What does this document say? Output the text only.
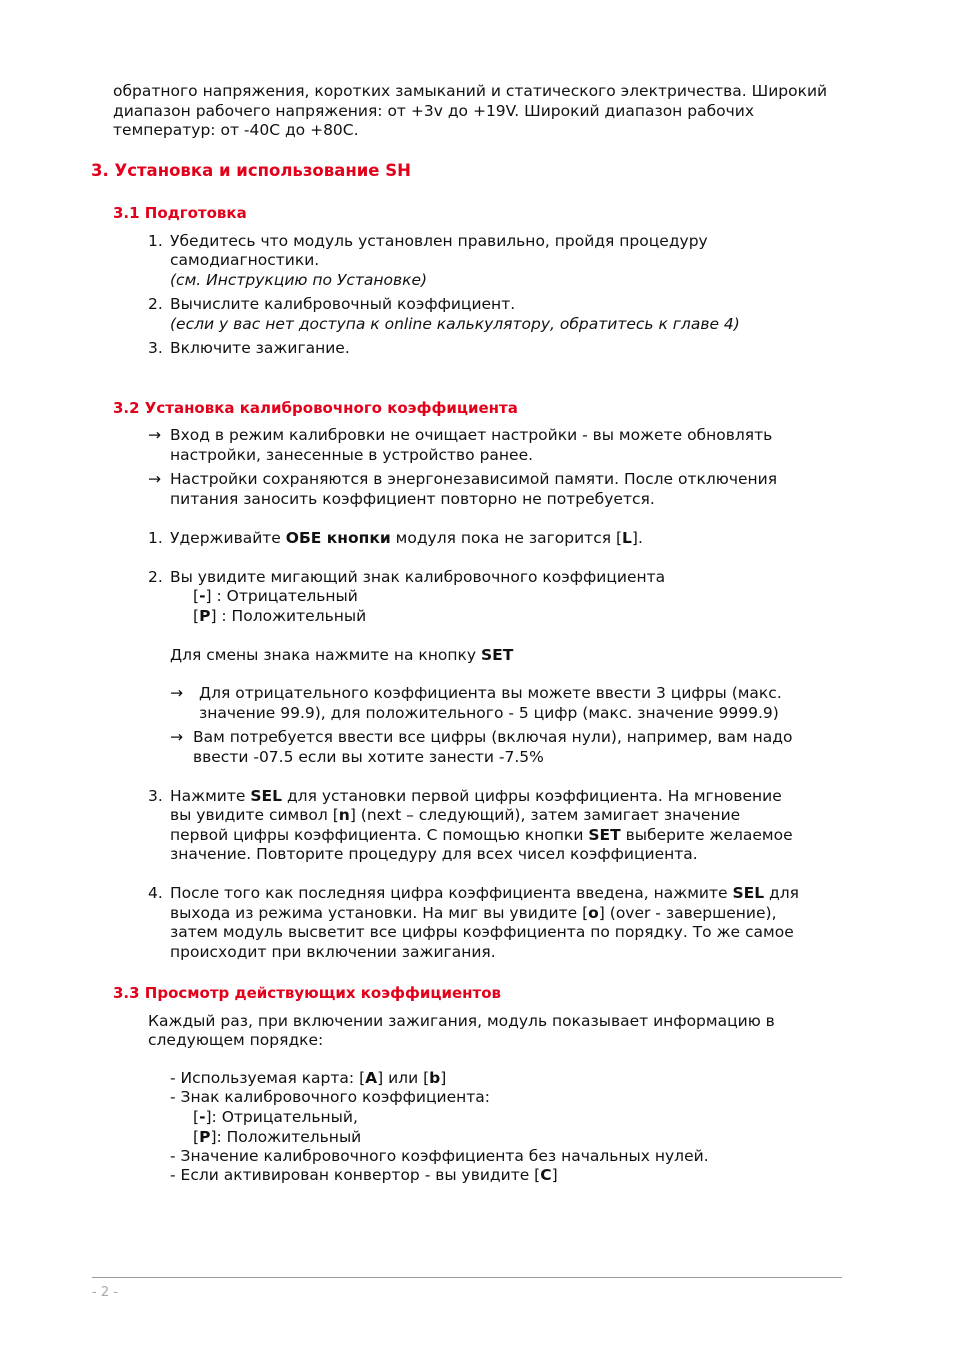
обратного напряжения, коротких замыканий и статического электричества. Широкий
диапазон рабочего напряжения: от +3v до +19V. Широкий диапазон рабочих
температур: от -40С до +80С.
3. Установка и использование SH
3.1 Подготовка
1. Убедитесь что модуль установлен правильно, пройдя процедуру
самодиагностики.
(см. Инструкцию по Установке)
2. Вычислите калибровочный коэффициент.
(если у вас нет доступа к online калькулятору, обратитесь к главе 4)
3. Включите зажигание.
3.2 Установка калибровочного коэффициента
→ Вход в режим калибровки не очищает настройки - вы можете обновлять
настройки, занесенные в устройство ранее.
→ Настройки сохраняются в энергонезависимой памяти. После отключения
питания заносить коэффициент повторно не потребуется.
1. Удерживайте ОБЕ кнопки модуля пока не загорится [L].
2. Вы увидите мигающий знак калибровочного коэффициента
[-] : Отрицательный
[P] : Положительный
Для смены знака нажмите на кнопку SET
→ Для отрицательного коэффициента вы можете ввести 3 цифры (макс.
значение 99.9), для положительного - 5 цифр (макс. значение 9999.9)
→ Вам потребуется ввести все цифры (включая нули), например, вам надо
ввести -07.5 если вы хотите занести -7.5%
3. Нажмите SEL для установки первой цифры коэффициента. На мгновение
вы увидите символ [n] (next – следующий), затем замигает значение
первой цифры коэффициента. С помощью кнопки SET выберите желаемое
значение. Повторите процедуру для всех чисел коэффициента.
4. После того как последняя цифра коэффициента введена, нажмите SEL для
выхода из режима установки. На миг вы увидите [o] (over - завершение),
затем модуль высветит все цифры коэффициента по порядку. То же самое
происходит при включении зажигания.
3.3 Просмотр действующих коэффициентов
Каждый раз, при включении зажигания, модуль показывает информацию в
следующем порядке:
- Используемая карта: [A] или [b]
- Знак калибровочного коэффициента:
[-]: Отрицательный,
[P]: Положительный
- Значение калибровочного коэффициента без начальных нулей.
- Если активирован конвертор - вы увидите [C]
- 2 -
